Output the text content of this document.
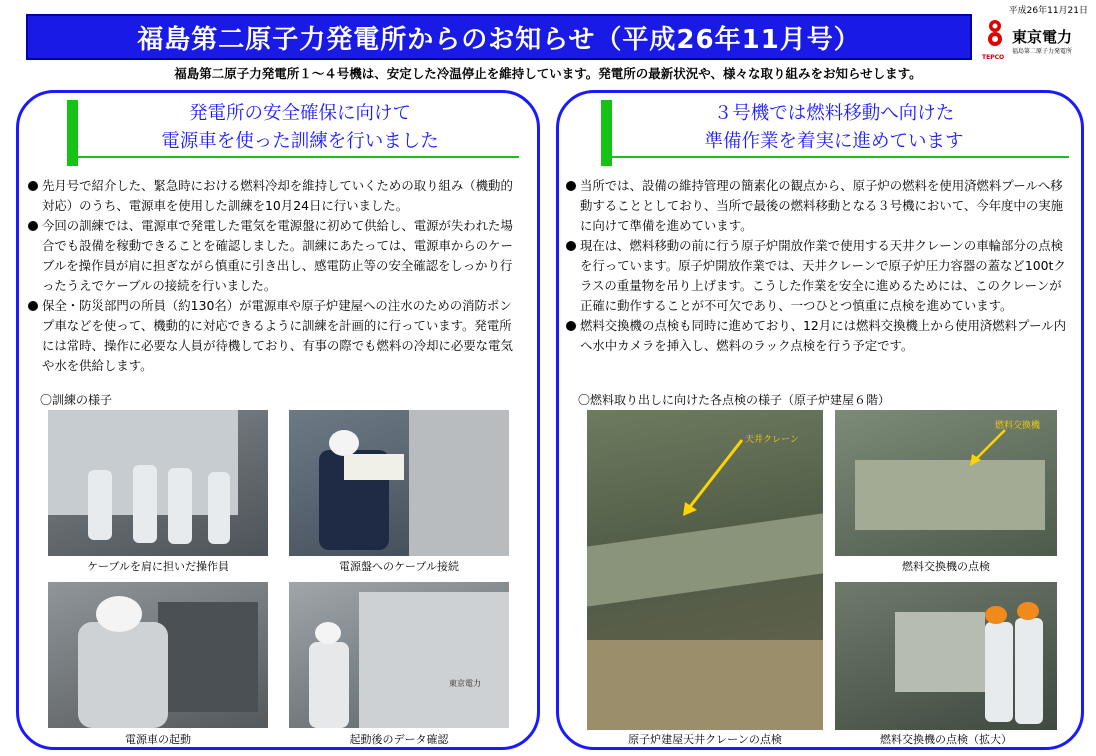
福島第二原子力発電所からのお知らせ（平成26年11月号）
平成26年11月21日
東京電力
福島第二原子力発電所
TEPCO
福島第二原子力発電所１～４号機は、安定した冷温停止を維持しています。発電所の最新状況や、様々な取り組みをお知らせします。
発電所の安全確保に向けて
電源車を使った訓練を行いました
先月号で紹介した、緊急時における燃料冷却を維持していくための取り組み（機動的対応）のうち、電源車を使用した訓練を10月24日に行いました。
今回の訓練では、電源車で発電した電気を電源盤に初めて供給し、電源が失われた場合でも設備を稼動できることを確認しました。訓練にあたっては、電源車からのケーブルを操作員が肩に担ぎながら慎重に引き出し、感電防止等の安全確認をしっかり行ったうえでケーブルの接続を行いました。
保全・防災部門の所員（約130名）が電源車や原子炉建屋への注水のための消防ポンプ車などを使って、機動的に対応できるように訓練を計画的に行っています。発電所には常時、操作に必要な人員が待機しており、有事の際でも燃料の冷却に必要な電気や水を供給します。
〇訓練の様子
ケーブルを肩に担いだ操作員	電源盤へのケーブル接続
電源車の起動
東京電力
起動後のデータ確認
３号機では燃料移動へ向けた
準備作業を着実に進めています
当所では、設備の維持管理の簡素化の観点から、原子炉の燃料を使用済燃料プールへ移動することとしており、当所で最後の燃料移動となる３号機において、今年度中の実施に向けて準備を進めています。
現在は、燃料移動の前に行う原子炉開放作業で使用する天井クレーンの車輪部分の点検を行っています。原子炉開放作業では、天井クレーンで原子炉圧力容器の蓋など100tクラスの重量物を吊り上げます。こうした作業を安全に進めるためには、このクレーンが正確に動作することが不可欠であり、一つひとつ慎重に点検を進めています。
燃料交換機の点検も同時に進めており、12月には燃料交換機上から使用済燃料プール内へ水中カメラを挿入し、燃料のラック点検を行う予定です。
〇燃料取り出しに向けた各点検の様子（原子炉建屋６階）
天井クレーン
原子炉建屋天井クレーンの点検
燃料交換機
燃料交換機の点検
燃料交換機の点検（拡大）
